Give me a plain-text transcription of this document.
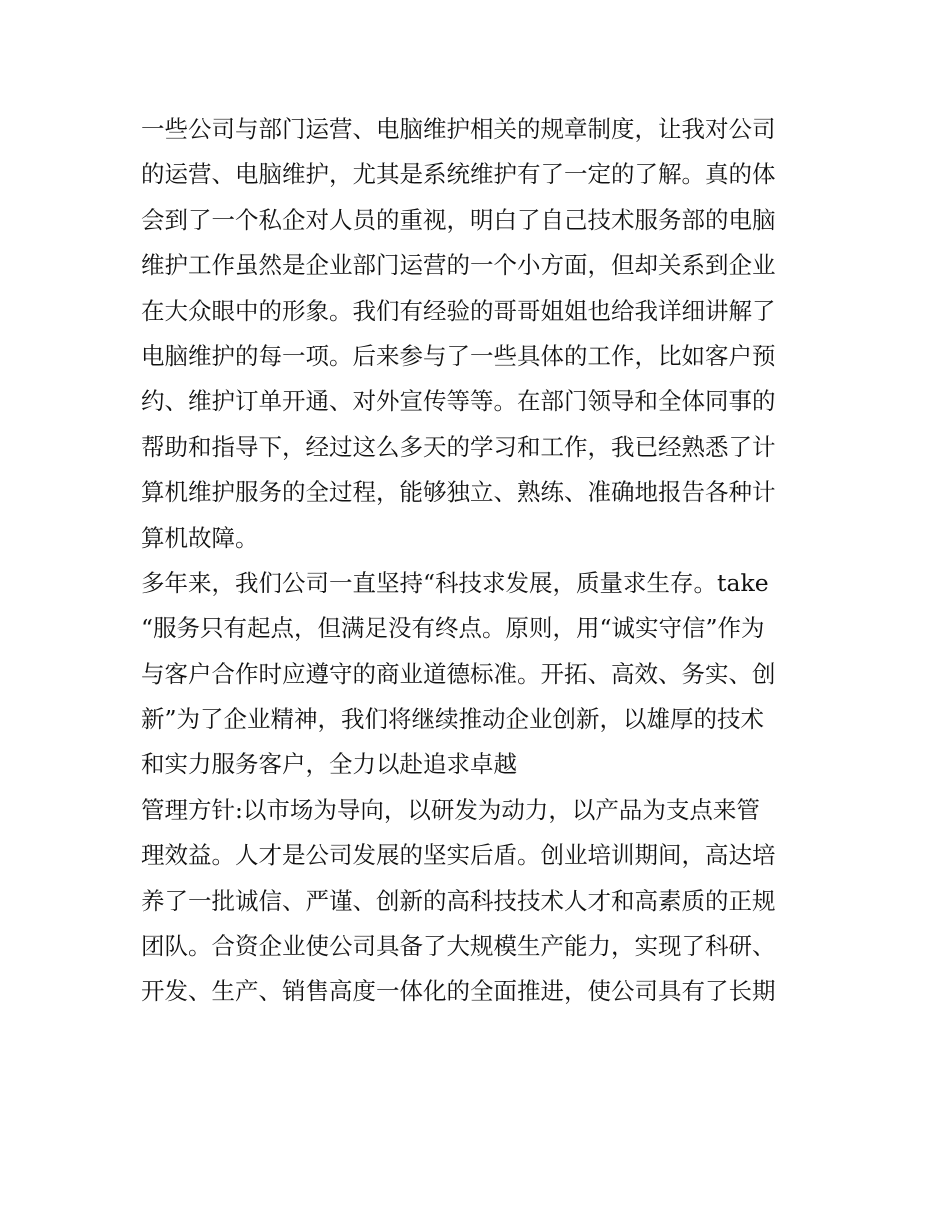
一些公司与部门运营、电脑维护相关的规章制度，让我对公司
的运营、电脑维护，尤其是系统维护有了一定的了解。真的体
会到了一个私企对人员的重视，明白了自己技术服务部的电脑
维护工作虽然是企业部门运营的一个小方面，但却关系到企业
在大众眼中的形象。我们有经验的哥哥姐姐也给我详细讲解了
电脑维护的每一项。后来参与了一些具体的工作，比如客户预
约、维护订单开通、对外宣传等等。在部门领导和全体同事的
帮助和指导下，经过这么多天的学习和工作，我已经熟悉了计
算机维护服务的全过程，能够独立、熟练、准确地报告各种计
算机故障。
多年来，我们公司一直坚持“科技求发展，质量求生存。take
“服务只有起点，但满足没有终点。原则，用“诚实守信”作为
与客户合作时应遵守的商业道德标准。开拓、高效、务实、创
新”为了企业精神，我们将继续推动企业创新，以雄厚的技术
和实力服务客户，全力以赴追求卓越
管理方针:以市场为导向，以研发为动力，以产品为支点来管
理效益。人才是公司发展的坚实后盾。创业培训期间，高达培
养了一批诚信、严谨、创新的高科技技术人才和高素质的正规
团队。合资企业使公司具备了大规模生产能力，实现了科研、
开发、生产、销售高度一体化的全面推进，使公司具有了长期
